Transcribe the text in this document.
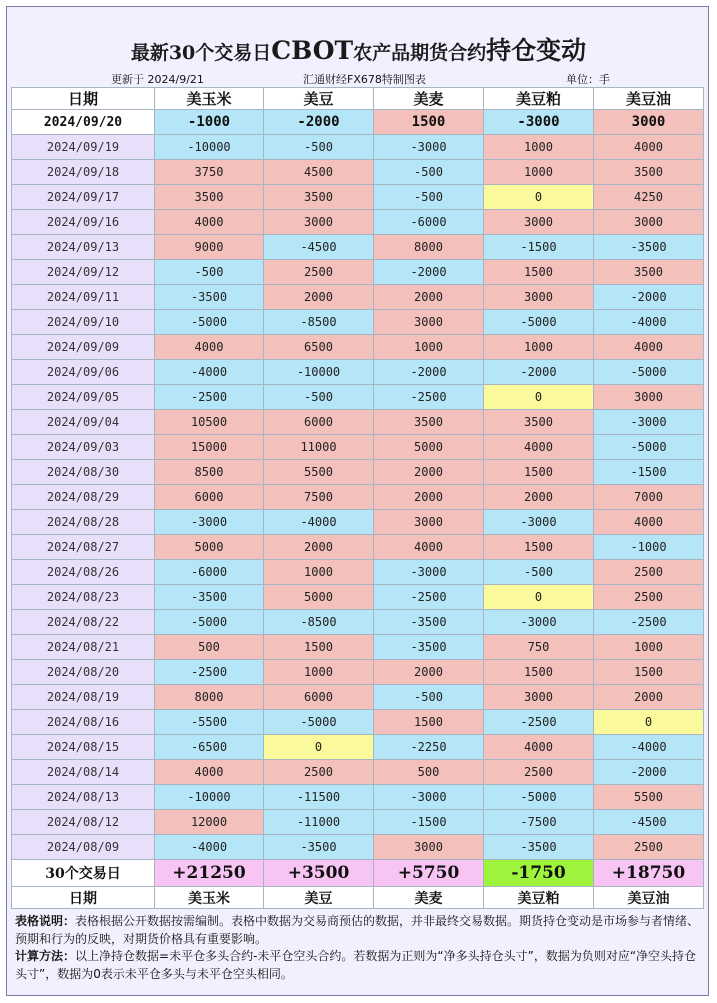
最新30个交易日CBOT农产品期货合约持仓变动
更新于 2024/9/21	汇通财经FX678特制图表	单位：手
日期	美玉米	美豆	美麦	美豆粕	美豆油
2024/09/20	-1000	-2000	1500	-3000	3000
2024/09/19	-10000	-500	-3000	1000	4000
2024/09/18	3750	4500	-500	1000	3500
2024/09/17	3500	3500	-500	0	4250
2024/09/16	4000	3000	-6000	3000	3000
2024/09/13	9000	-4500	8000	-1500	-3500
2024/09/12	-500	2500	-2000	1500	3500
2024/09/11	-3500	2000	2000	3000	-2000
2024/09/10	-5000	-8500	3000	-5000	-4000
2024/09/09	4000	6500	1000	1000	4000
2024/09/06	-4000	-10000	-2000	-2000	-5000
2024/09/05	-2500	-500	-2500	0	3000
2024/09/04	10500	6000	3500	3500	-3000
2024/09/03	15000	11000	5000	4000	-5000
2024/08/30	8500	5500	2000	1500	-1500
2024/08/29	6000	7500	2000	2000	7000
2024/08/28	-3000	-4000	3000	-3000	4000
2024/08/27	5000	2000	4000	1500	-1000
2024/08/26	-6000	1000	-3000	-500	2500
2024/08/23	-3500	5000	-2500	0	2500
2024/08/22	-5000	-8500	-3500	-3000	-2500
2024/08/21	500	1500	-3500	750	1000
2024/08/20	-2500	1000	2000	1500	1500
2024/08/19	8000	6000	-500	3000	2000
2024/08/16	-5500	-5000	1500	-2500	0
2024/08/15	-6500	0	-2250	4000	-4000
2024/08/14	4000	2500	500	2500	-2000
2024/08/13	-10000	-11500	-3000	-5000	5500
2024/08/12	12000	-11000	-1500	-7500	-4500
2024/08/09	-4000	-3500	3000	-3500	2500
30个交易日	+21250	+3500	+5750	-1750	+18750
日期	美玉米	美豆	美麦	美豆粕	美豆油

表格说明：表格根据公开数据按需编制。表格中数据为交易商预估的数据，并非最终交易数据。期货持仓变动是市场参与者情绪、预期和行为的反映，对期货价格具有重要影响。

计算方法：以上净持仓数据=未平仓多头合约-未平仓空头合约。若数据为正则为“净多头持仓头寸”，数据为负则对应“净空头持仓头寸”，数据为0表示未平仓多头与未平仓空头相同。
